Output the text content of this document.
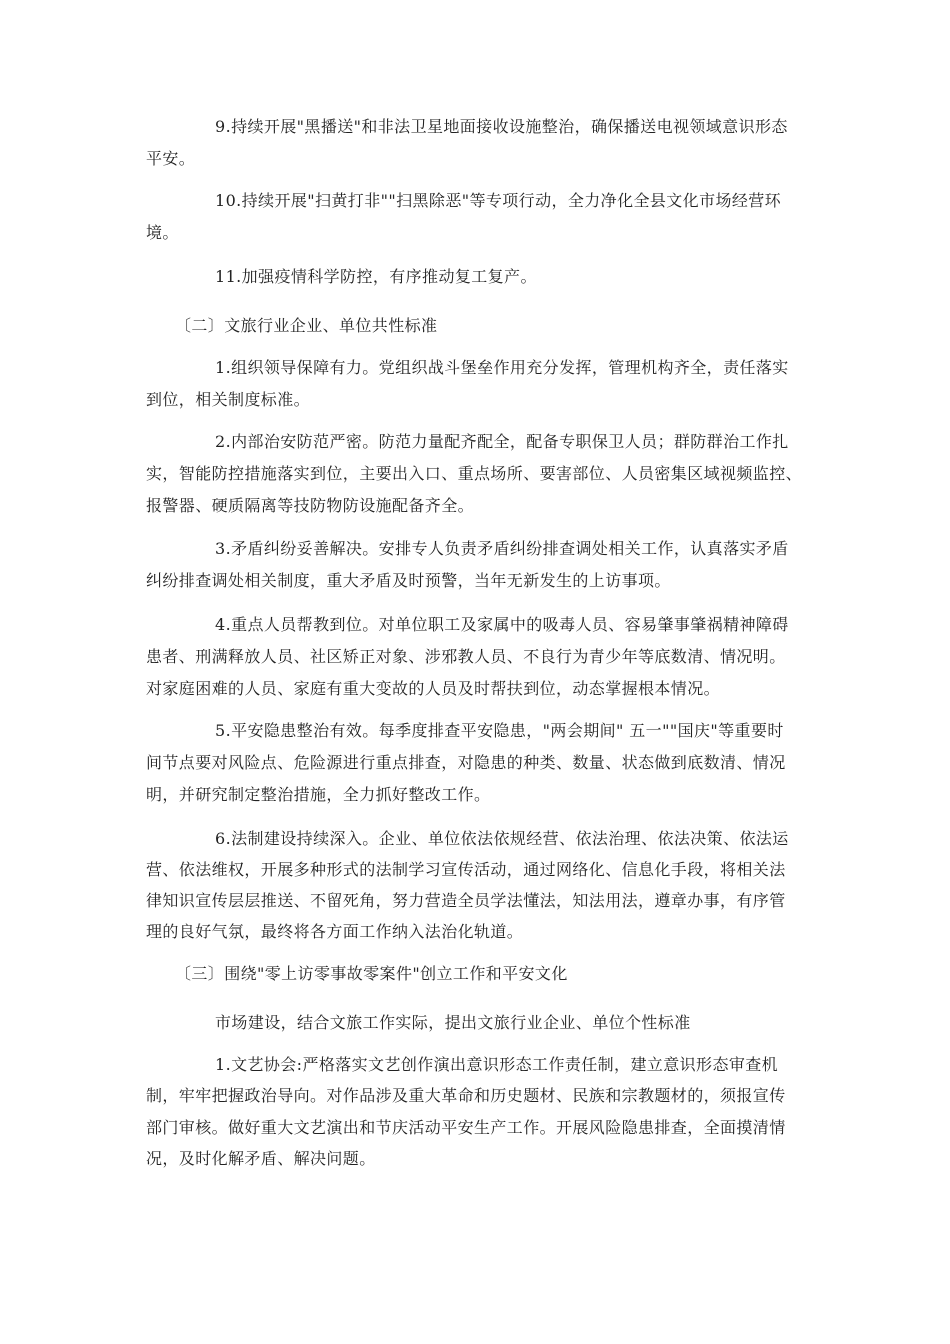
9.持续开展"黑播送"和非法卫星地面接收设施整治，确保播送电视领域意识形态

平安。

10.持续开展"扫黄打非""扫黑除恶"等专项行动，全力净化全县文化市场经营环

境。

11.加强疫情科学防控，有序推动复工复产。

〔二〕文旅行业企业、单位共性标准

1.组织领导保障有力。党组织战斗堡垒作用充分发挥，管理机构齐全，责任落实

到位，相关制度标准。

2.内部治安防范严密。防范力量配齐配全，配备专职保卫人员；群防群治工作扎

实，智能防控措施落实到位，主要出入口、重点场所、要害部位、人员密集区域视频监控、

报警器、硬质隔离等技防物防设施配备齐全。

3.矛盾纠纷妥善解决。安排专人负责矛盾纠纷排查调处相关工作，认真落实矛盾

纠纷排查调处相关制度，重大矛盾及时预警，当年无新发生的上访事项。

4.重点人员帮教到位。对单位职工及家属中的吸毒人员、容易肇事肇祸精神障碍

患者、刑满释放人员、社区矫正对象、涉邪教人员、不良行为青少年等底数清、情况明。

对家庭困难的人员、家庭有重大变故的人员及时帮扶到位，动态掌握根本情况。

5.平安隐患整治有效。每季度排查平安隐患，"两会期间" 五一""国庆"等重要时

间节点要对风险点、危险源进行重点排查，对隐患的种类、数量、状态做到底数清、情况

明，并研究制定整治措施，全力抓好整改工作。

6.法制建设持续深入。企业、单位依法依规经营、依法治理、依法决策、依法运

营、依法维权，开展多种形式的法制学习宣传活动，通过网络化、信息化手段，将相关法

律知识宣传层层推送、不留死角，努力营造全员学法懂法，知法用法，遵章办事，有序管

理的良好气氛，最终将各方面工作纳入法治化轨道。

〔三〕围绕"零上访零事故零案件"创立工作和平安文化

市场建设，结合文旅工作实际，提出文旅行业企业、单位个性标准

1.文艺协会:严格落实文艺创作演出意识形态工作责任制，建立意识形态审查机

制，牢牢把握政治导向。对作品涉及重大革命和历史题材、民族和宗教题材的，须报宣传

部门审核。做好重大文艺演出和节庆活动平安生产工作。开展风险隐患排查，全面摸清情

况，及时化解矛盾、解决问题。
